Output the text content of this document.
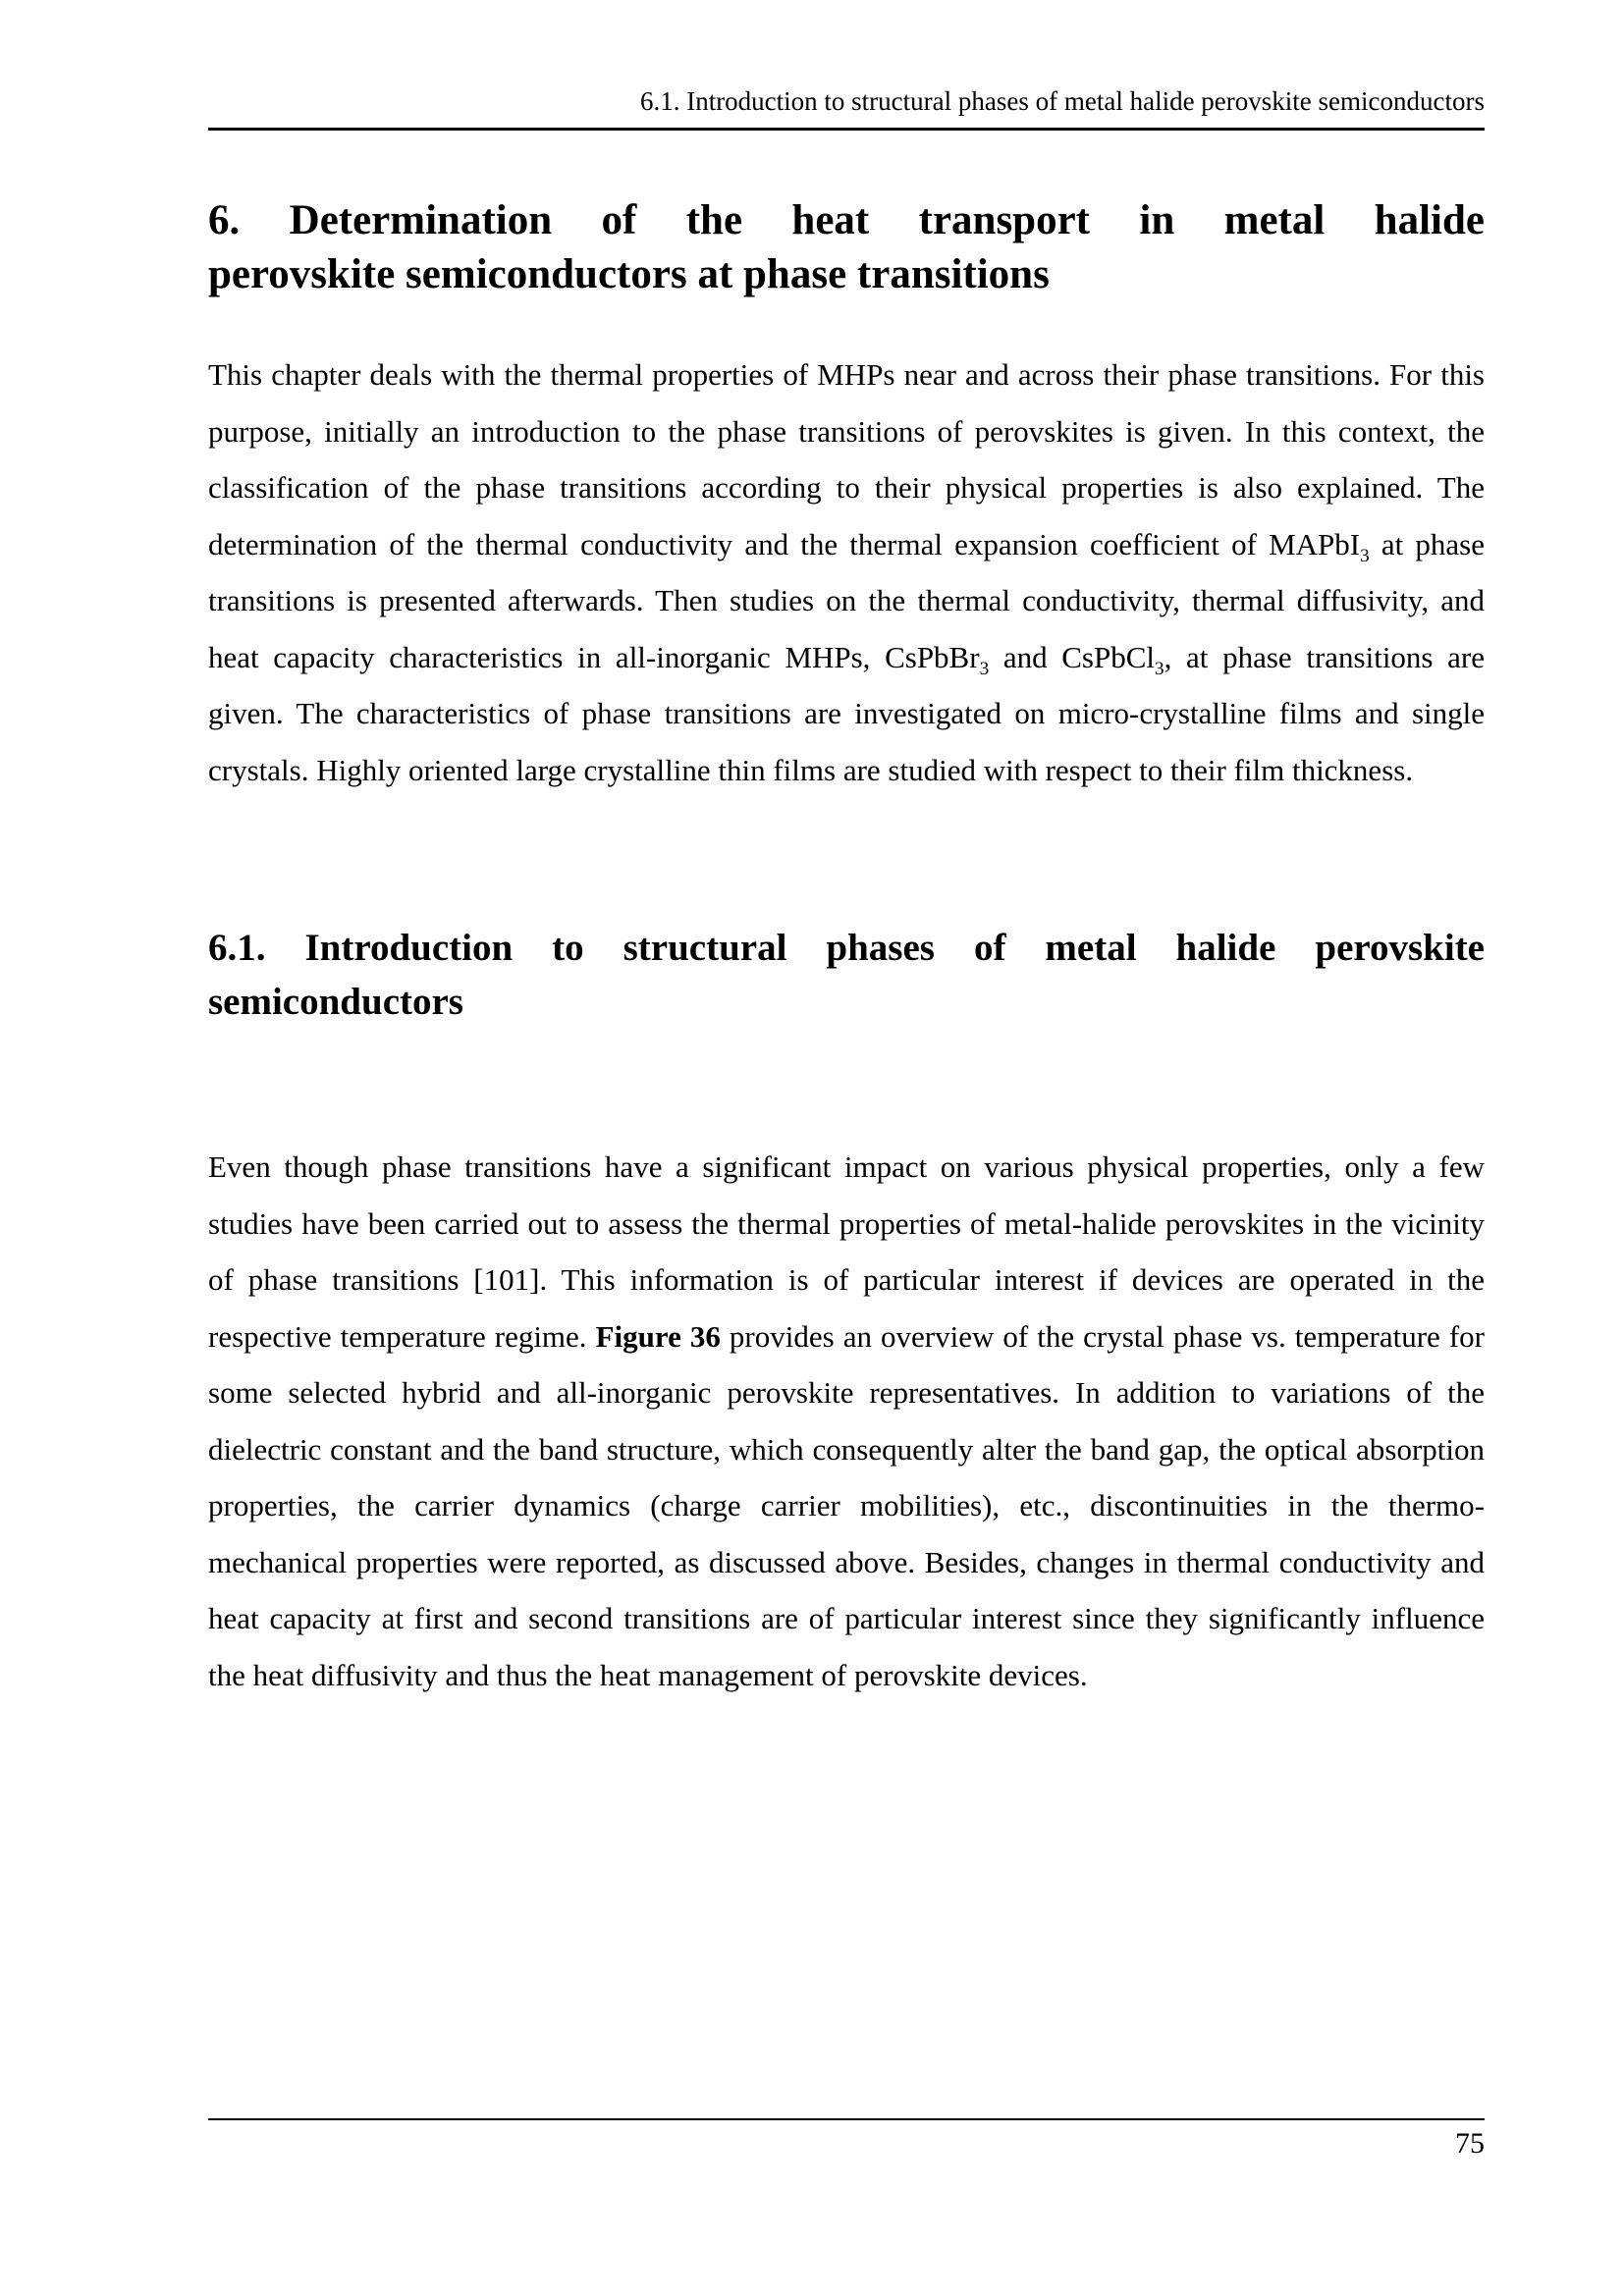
6.1. Introduction to structural phases of metal halide perovskite semiconductors
6. Determination of the heat transport in metal halide
perovskite semiconductors at phase transitions
This chapter deals with the thermal properties of MHPs near and across their phase transitions. For this purpose, initially an introduction to the phase transitions of perovskites is given. In this context, the classification of the phase transitions according to their physical properties is also explained. The determination of the thermal conductivity and the thermal expansion coefficient of MAPbI$_3$ at phase transitions is presented afterwards. Then studies on the thermal conductivity, thermal diffusivity, and heat capacity characteristics in all-inorganic MHPs, CsPbBr$_3$ and CsPbCl$_3$, at phase transitions are given. The characteristics of phase transitions are investigated on micro-crystalline films and single crystals. Highly oriented large crystalline thin films are studied with respect to their film thickness.
6.1. Introduction to structural phases of metal halide perovskite
semiconductors
Even though phase transitions have a significant impact on various physical properties, only a few studies have been carried out to assess the thermal properties of metal-halide perovskites in the vicinity of phase transitions [101]. This information is of particular interest if devices are operated in the respective temperature regime. Figure 36 provides an overview of the crystal phase vs. temperature for some selected hybrid and all-inorganic perovskite representatives. In addition to variations of the dielectric constant and the band structure, which consequently alter the band gap, the optical absorption properties, the carrier dynamics (charge carrier mobilities), etc., discontinuities in the thermo-mechanical properties were reported, as discussed above. Besides, changes in thermal conductivity and heat capacity at first and second transitions are of particular interest since they significantly influence the heat diffusivity and thus the heat management of perovskite devices.
75
